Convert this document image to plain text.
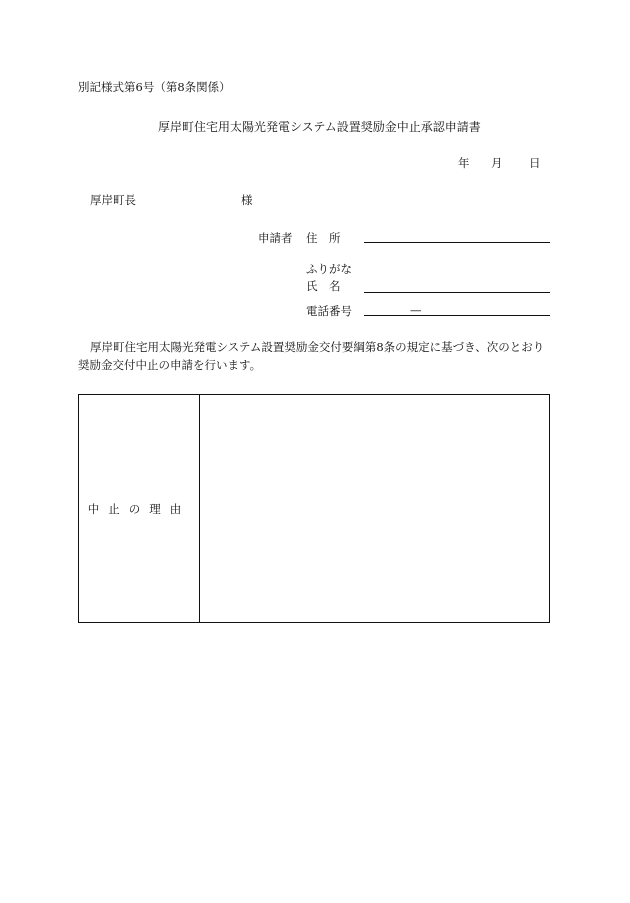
別記様式第6号（第8条関係）
厚岸町住宅用太陽光発電システム設置奨励金中止承認申請書
年 月 日
厚岸町長	様
申請者 住　所
ふりがな
氏　名
電話番号	—
厚岸町住宅用太陽光発電システム設置奨励金交付要綱第8条の規定に基づき、次のとおり奨励金交付中止の申請を行います。
中止の理由
